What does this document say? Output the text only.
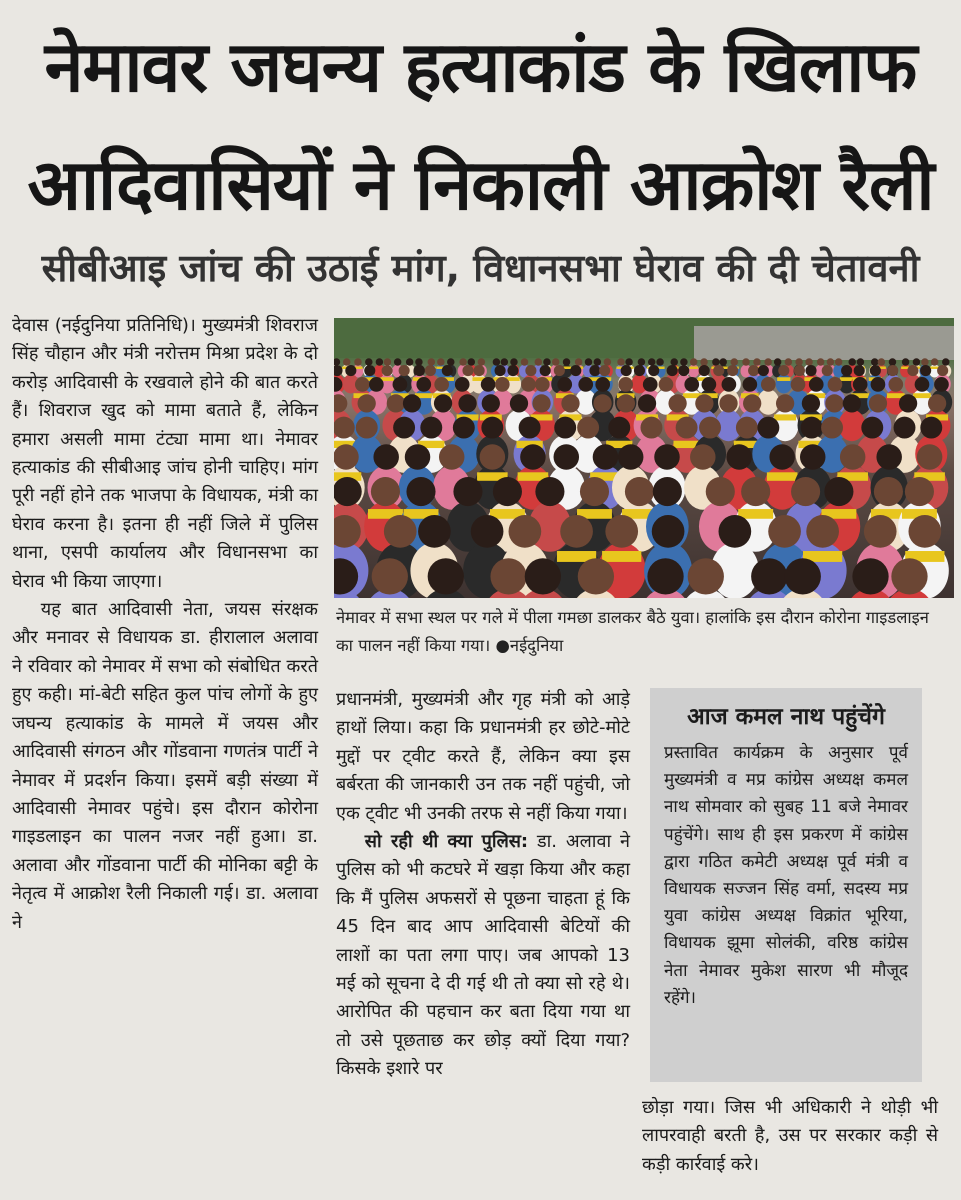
नेमावर जघन्य हत्याकांड के खिलाफ
आदिवासियों ने निकाली आक्रोश रैली
सीबीआइ जांच की उठाई मांग, विधानसभा घेराव की दी चेतावनी

देवास (नईदुनिया प्रतिनिधि)। मुख्यमंत्री शिवराज सिंह चौहान और मंत्री नरोत्तम मिश्रा प्रदेश के दो करोड़ आदिवासी के रखवाले होने की बात करते हैं। शिवराज खुद को मामा बताते हैं, लेकिन हमारा असली मामा टंट्या मामा था। नेमावर हत्याकांड की सीबीआइ जांच होनी चाहिए। मांग पूरी नहीं होने तक भाजपा के विधायक, मंत्री का घेराव करना है। इतना ही नहीं जिले में पुलिस थाना, एसपी कार्यालय और विधानसभा का घेराव भी किया जाएगा।

यह बात आदिवासी नेता, जयस संरक्षक और मनावर से विधायक डा. हीरालाल अलावा ने रविवार को नेमावर में सभा को संबोधित करते हुए कही। मां-बेटी सहित कुल पांच लोगों के हुए जघन्य हत्याकांड के मामले में जयस और आदिवासी संगठन और गोंडवाना गणतंत्र पार्टी ने नेमावर में प्रदर्शन किया। इसमें बड़ी संख्या में आदिवासी नेमावर पहुंचे। इस दौरान कोरोना गाइडलाइन का पालन नजर नहीं हुआ। डा. अलावा और गोंडवाना पार्टी की मोनिका बट्टी के नेतृत्व में आक्रोश रैली निकाली गई। डा. अलावा ने

नेमावर में सभा स्थल पर गले में पीला गमछा डालकर बैठे युवा। हालांकि इस दौरान कोरोना गाइडलाइन का पालन नहीं किया गया। ●नईदुनिया

प्रधानमंत्री, मुख्यमंत्री और गृह मंत्री को आड़े हाथों लिया। कहा कि प्रधानमंत्री हर छोटे-मोटे मुद्दों पर ट्वीट करते हैं, लेकिन क्या इस बर्बरता की जानकारी उन तक नहीं पहुंची, जो एक ट्वीट भी उनकी तरफ से नहीं किया गया।

सो रही थी क्या पुलिस: डा. अलावा ने पुलिस को भी कटघरे में खड़ा किया और कहा कि मैं पुलिस अफसरों से पूछना चाहता हूं कि 45 दिन बाद आप आदिवासी बेटियों की लाशों का पता लगा पाए। जब आपको 13 मई को सूचना दे दी गई थी तो क्या सो रहे थे। आरोपित की पहचान कर बता दिया गया था तो उसे पूछताछ कर छोड़ क्यों दिया गया? किसके इशारे पर

आज कमल नाथ पहुंचेंगे

प्रस्तावित कार्यक्रम के अनुसार पूर्व मुख्यमंत्री व मप्र कांग्रेस अध्यक्ष कमल नाथ सोमवार को सुबह 11 बजे नेमावर पहुंचेंगे। साथ ही इस प्रकरण में कांग्रेस द्वारा गठित कमेटी अध्यक्ष पूर्व मंत्री व विधायक सज्जन सिंह वर्मा, सदस्य मप्र युवा कांग्रेस अध्यक्ष विक्रांत भूरिया, विधायक झूमा सोलंकी, वरिष्ठ कांग्रेस नेता नेमावर मुकेश सारण भी मौजूद रहेंगे।

छोड़ा गया। जिस भी अधिकारी ने थोड़ी भी लापरवाही बरती है, उस पर सरकार कड़ी से कड़ी कार्रवाई करे।
